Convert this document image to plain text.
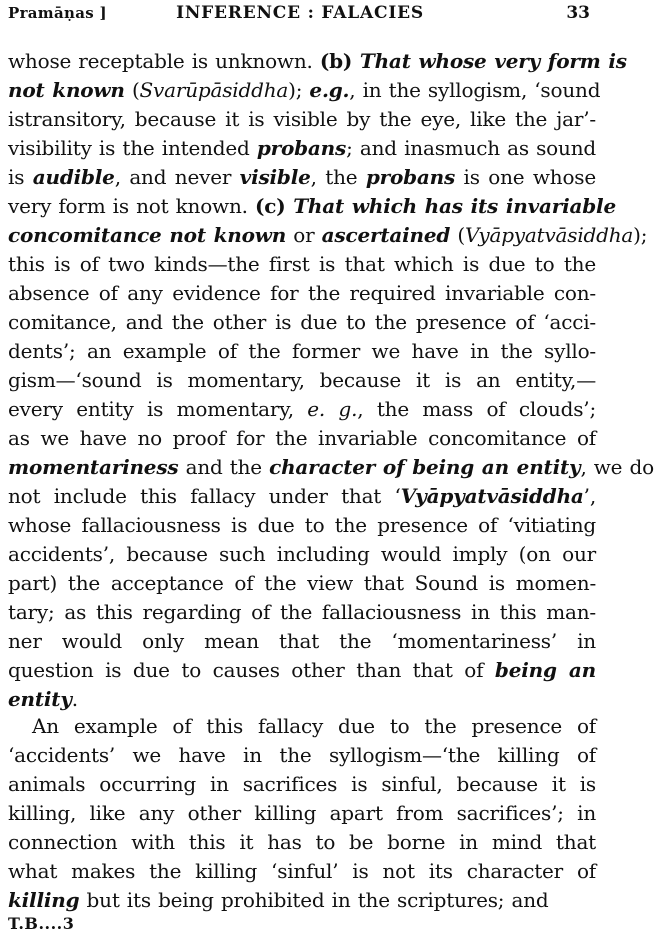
Pramāṇas ]	INFERENCE : FALACIES	33
whose receptable is unknown. (b) That whose very form is
not known (Svarūpāsiddha); e.g., in the syllogism, ‘sound
istransitory, because it is visible by the eye, like the jar’-
visibility is the intended probans; and inasmuch as sound
is audible, and never visible, the probans is one whose
very form is not known. (c) That which has its invariable
concomitance not known or ascertained (Vyāpyatvāsiddha);
this is of two kinds—the first is that which is due to the
absence of any evidence for the required invariable con-
comitance, and the other is due to the presence of ‘acci-
dents’; an example of the former we have in the syllo-
gism—‘sound is momentary, because it is an entity,—
every entity is momentary, e. g., the mass of clouds’;
as we have no proof for the invariable concomitance of
momentariness and the character of being an entity, we do
not include this fallacy under that ‘Vyāpyatvāsiddha’,
whose fallaciousness is due to the presence of ‘vitiating
accidents’, because such including would imply (on our
part) the acceptance of the view that Sound is momen-
tary; as this regarding of the fallaciousness in this man-
ner would only mean that the ‘momentariness’ in
question is due to causes other than that of being an
entity.
An example of this fallacy due to the presence of
‘accidents’ we have in the syllogism—‘the killing of
animals occurring in sacrifices is sinful, because it is
killing, like any other killing apart from sacrifices’; in
connection with this it has to be borne in mind that
what makes the killing ‘sinful’ is not its character of
killing but its being prohibited in the scriptures; and
T.B....3
